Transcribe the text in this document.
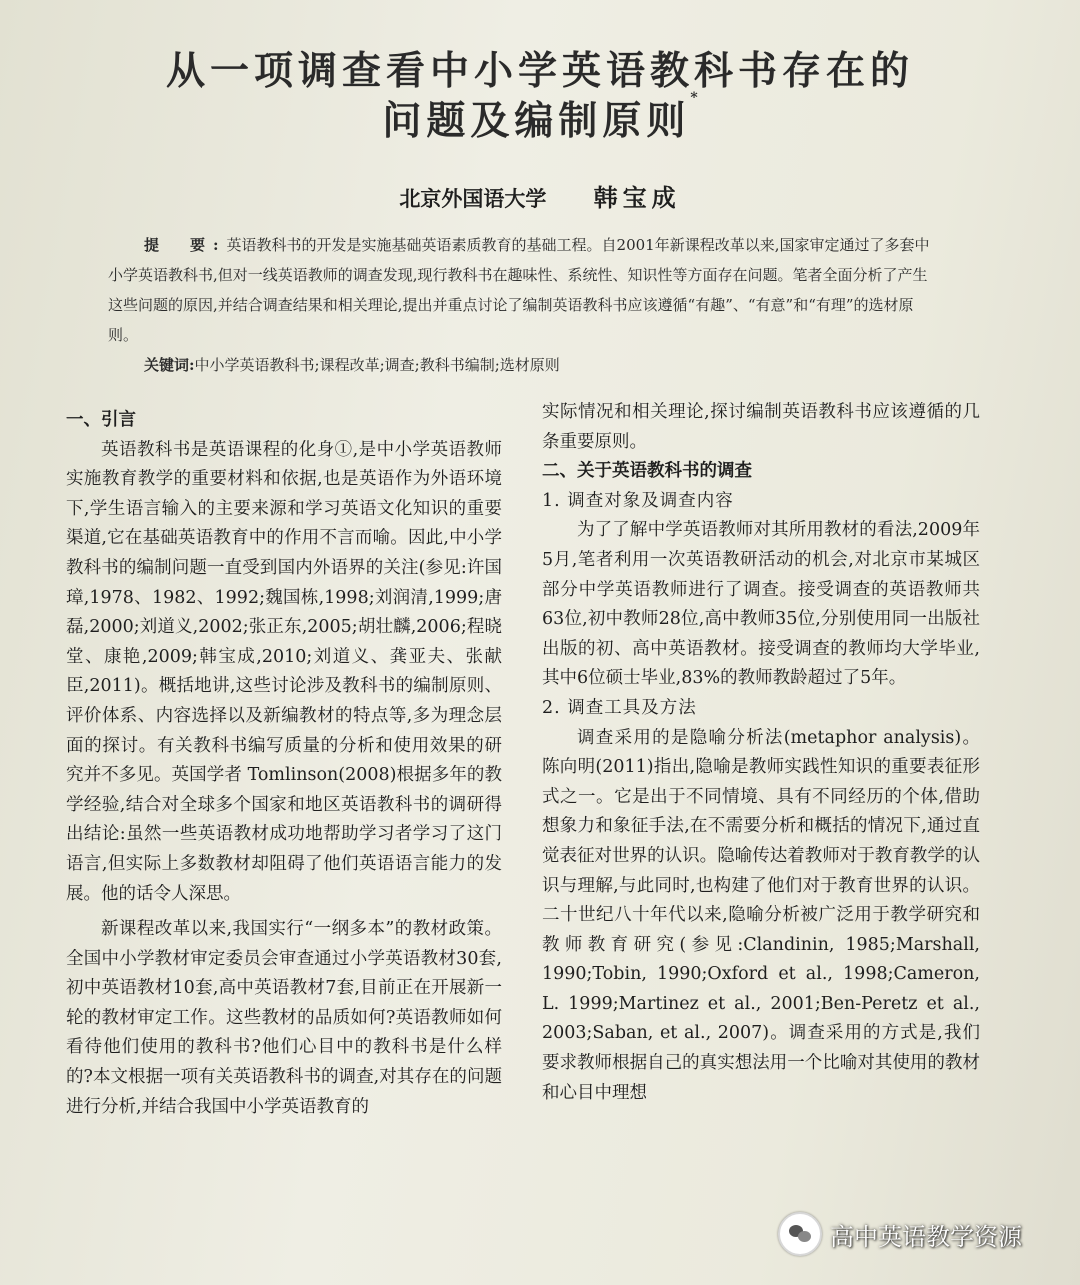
从一项调查看中小学英语教科书存在的
问题及编制原则*
北京外国语大学 韩宝成
提　要:英语教科书的开发是实施基础英语素质教育的基础工程。自2001年新课程改革以来,国家审定通过了多套中小学英语教科书,但对一线英语教师的调查发现,现行教科书在趣味性、系统性、知识性等方面存在问题。笔者全面分析了产生这些问题的原因,并结合调查结果和相关理论,提出并重点讨论了编制英语教科书应该遵循“有趣”、“有意”和“有理”的选材原则。
关键词:中小学英语教科书;课程改革;调查;教科书编制;选材原则

一、引言

英语教科书是英语课程的化身①,是中小学英语教师实施教育教学的重要材料和依据,也是英语作为外语环境下,学生语言输入的主要来源和学习英语文化知识的重要渠道,它在基础英语教育中的作用不言而喻。因此,中小学教科书的编制问题一直受到国内外语界的关注(参见:许国璋,1978、1982、1992;魏国栋,1998;刘润清,1999;唐磊,2000;刘道义,2002;张正东,2005;胡壮麟,2006;程晓堂、康艳,2009;韩宝成,2010;刘道义、龚亚夫、张献臣,2011)。概括地讲,这些讨论涉及教科书的编制原则、评价体系、内容选择以及新编教材的特点等,多为理念层面的探讨。有关教科书编写质量的分析和使用效果的研究并不多见。英国学者 Tomlinson(2008)根据多年的教学经验,结合对全球多个国家和地区英语教科书的调研得出结论:虽然一些英语教材成功地帮助学习者学习了这门语言,但实际上多数教材却阻碍了他们英语语言能力的发展。他的话令人深思。

新课程改革以来,我国实行“一纲多本”的教材政策。全国中小学教材审定委员会审查通过小学英语教材30套,初中英语教材10套,高中英语教材7套,目前正在开展新一轮的教材审定工作。这些教材的品质如何?英语教师如何看待他们使用的教科书?他们心目中的教科书是什么样的?本文根据一项有关英语教科书的调查,对其存在的问题进行分析,并结合我国中小学英语教育的

实际情况和相关理论,探讨编制英语教科书应该遵循的几条重要原则。

二、关于英语教科书的调查

1. 调查对象及调查内容

为了了解中学英语教师对其所用教材的看法,2009年5月,笔者利用一次英语教研活动的机会,对北京市某城区部分中学英语教师进行了调查。接受调查的英语教师共63位,初中教师28位,高中教师35位,分别使用同一出版社出版的初、高中英语教材。接受调查的教师均大学毕业,其中6位硕士毕业,83%的教师教龄超过了5年。

2. 调查工具及方法

调查采用的是隐喻分析法(metaphor analysis)。陈向明(2011)指出,隐喻是教师实践性知识的重要表征形式之一。它是出于不同情境、具有不同经历的个体,借助想象力和象征手法,在不需要分析和概括的情况下,通过直觉表征对世界的认识。隐喻传达着教师对于教育教学的认识与理解,与此同时,也构建了他们对于教育世界的认识。二十世纪八十年代以来,隐喻分析被广泛用于教学研究和教师教育研究(参见:Clandinin, 1985;Marshall, 1990;Tobin, 1990;Oxford et al., 1998;Cameron, L. 1999;Martinez et al., 2001;Ben-Peretz et al., 2003;Saban, et al., 2007)。调查采用的方式是,我们要求教师根据自己的真实想法用一个比喻对其使用的教材和心目中理想

高中英语教学资源
